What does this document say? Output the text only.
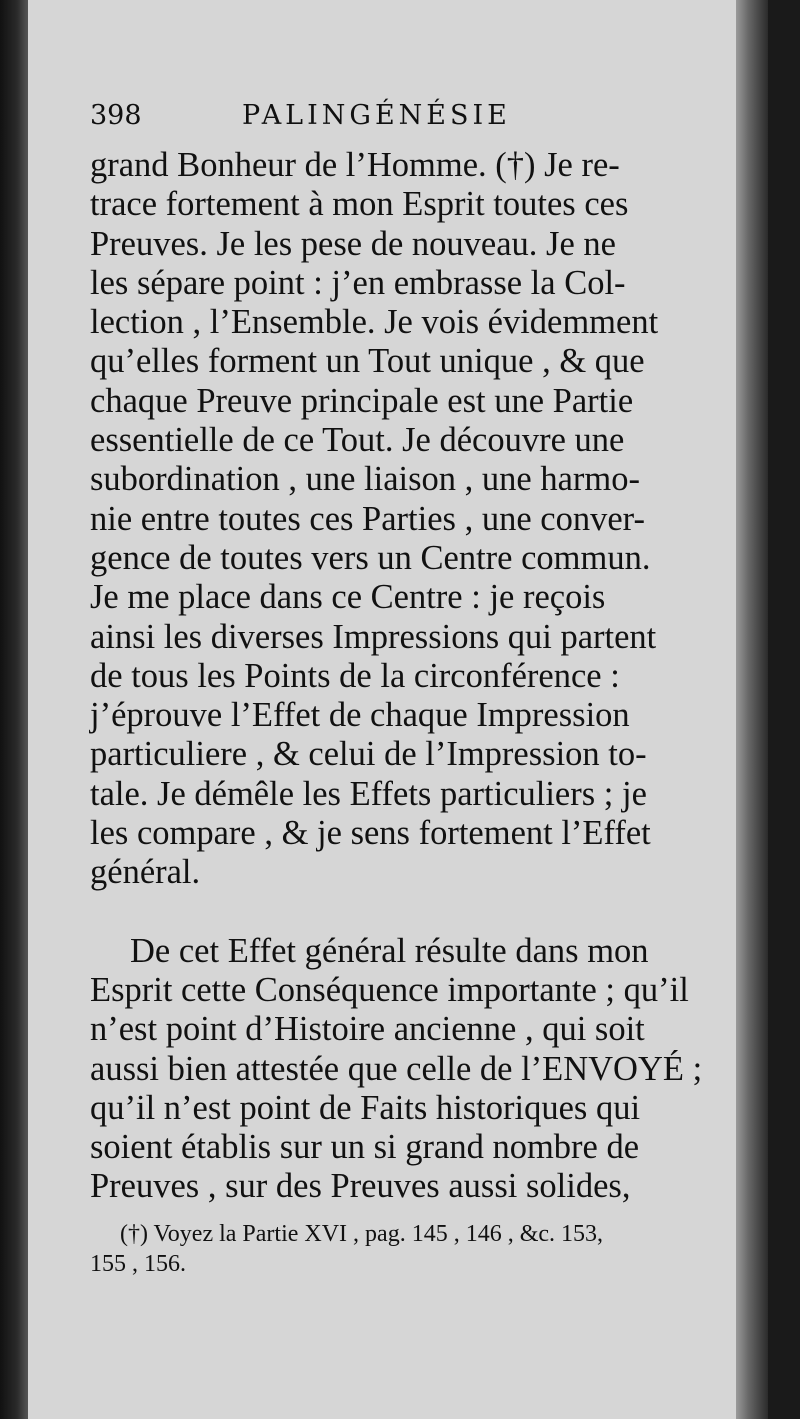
398	PALINGÉNÉSIE
grand Bonheur de l’Homme. (†) Je re-
trace fortement à mon Esprit toutes ces
Preuves. Je les pese de nouveau. Je ne
les sépare point : j’en embrasse la Col-
lection , l’Ensemble. Je vois évidemment
qu’elles forment un Tout unique , & que
chaque Preuve principale est une Partie
essentielle de ce Tout. Je découvre une
subordination , une liaison , une harmo-
nie entre toutes ces Parties , une conver-
gence de toutes vers un Centre commun.
Je me place dans ce Centre : je reçois
ainsi les diverses Impressions qui partent
de tous les Points de la circonférence :
j’éprouve l’Effet de chaque Impression
particuliere , & celui de l’Impression to-
tale. Je démêle les Effets particuliers ; je
les compare , & je sens fortement l’Effet
général.
De cet Effet général résulte dans mon
Esprit cette Conséquence importante ; qu’il
n’est point d’Histoire ancienne , qui soit
aussi bien attestée que celle de l’ENVOYÉ ;
qu’il n’est point de Faits historiques qui
soient établis sur un si grand nombre de
Preuves , sur des Preuves aussi solides,
(†) Voyez la Partie XVI , pag. 145 , 146 , &c. 153,
155 , 156.
